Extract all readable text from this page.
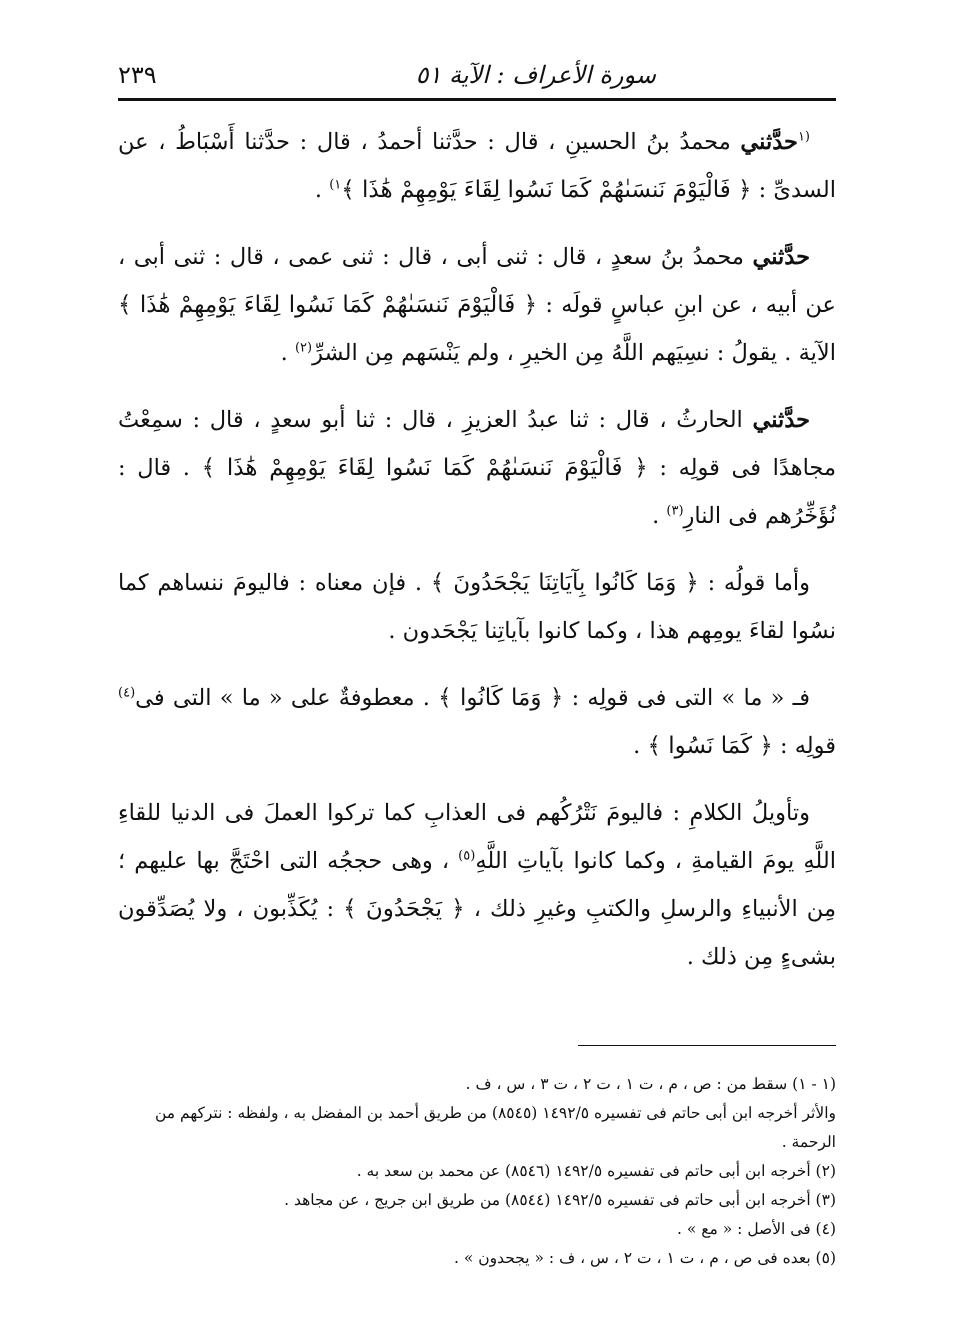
سورة الأعراف : الآية ٥١
٢٣٩

$^{(١}$حدَّثني محمدُ بنُ الحسينِ ، قال : حدَّثنا أحمدُ ، قال : حدَّثنا أَسْبَاطُ ، عن السدىِّ : ﴿ فَالْيَوْمَ نَنسَىٰهُمْ كَمَا نَسُوا لِقَاءَ يَوْمِهِمْ هَٰذَا ﴾$^{١)}$ .

حدَّثني محمدُ بنُ سعدٍ ، قال : ثنى أبى ، قال : ثنى عمى ، قال : ثنى أبى ، عن أبيه ، عن ابنِ عباسٍ قولَه : ﴿ فَالْيَوْمَ نَنسَىٰهُمْ كَمَا نَسُوا لِقَاءَ يَوْمِهِمْ هَٰذَا ﴾ الآية . يقولُ : نسِيَهم اللَّهُ مِن الخيرِ ، ولم يَنْسَهم مِن الشرِّ$^{(٢)}$ .

حدَّثني الحارثُ ، قال : ثنا عبدُ العزيزِ ، قال : ثنا أبو سعدٍ ، قال : سمِعْتُ مجاهدًا فى قولِه : ﴿ فَالْيَوْمَ نَنسَىٰهُمْ كَمَا نَسُوا لِقَاءَ يَوْمِهِمْ هَٰذَا ﴾ . قال : نُؤَخِّرُهم فى النارِ$^{(٣)}$ .

وأما قولُه : ﴿ وَمَا كَانُوا بِآيَاتِنَا يَجْحَدُونَ ﴾ . فإن معناه : فاليومَ ننساهم كما نسُوا لقاءَ يومِهم هذا ، وكما كانوا بآياتِنا يَجْحَدون .

فـ « ما » التى فى قولِه : ﴿ وَمَا كَانُوا ﴾ . معطوفةٌ على « ما » التى فى$^{(٤)}$ قولِه : ﴿ كَمَا نَسُوا ﴾ .

وتأويلُ الكلامِ : فاليومَ نَتْرُكُهم فى العذابِ كما تركوا العملَ فى الدنيا للقاءِ اللَّهِ يومَ القيامةِ ، وكما كانوا بآياتِ اللَّهِ$^{(٥)}$ ، وهى حججُه التى احْتَجَّ بها عليهم ؛ مِن الأنبياءِ والرسلِ والكتبِ وغيرِ ذلك ، ﴿ يَجْحَدُونَ ﴾ : يُكَذِّبون ، ولا يُصَدِّقون بشىءٍ مِن ذلك .

(١ - ١) سقط من : ص ، م ، ت ١ ، ت ٢ ، ت ٣ ، س ، ف .

والأثر أخرجه ابن أبى حاتم فى تفسيره ١٤٩٢/٥ (٨٥٤٥) من طريق أحمد بن المفضل به ، ولفظه : نتركهم من الرحمة .

(٢) أخرجه ابن أبى حاتم فى تفسيره ١٤٩٢/٥ (٨٥٤٦) عن محمد بن سعد به .

(٣) أخرجه ابن أبى حاتم فى تفسيره ١٤٩٢/٥ (٨٥٤٤) من طريق ابن جريج ، عن مجاهد .

(٤) فى الأصل : « مع » .

(٥) بعده فى ص ، م ، ت ١ ، ت ٢ ، س ، ف : « يجحدون » .
